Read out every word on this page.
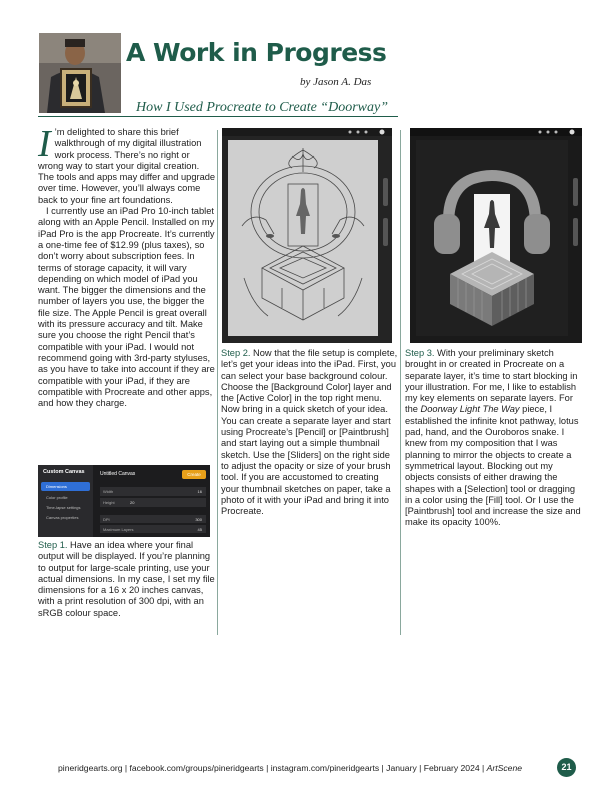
A Work in Progress
by Jason A. Das
How I Used Procreate to Create “Doorway”

I ’m delighted to share this brief walkthrough of my digital illustration work process. There’s no right or wrong way to start your digital creation. The tools and apps may differ and upgrade over time. However, you’ll always come back to your fine art foundations.

I currently use an iPad Pro 10-inch tablet along with an Apple Pencil. Installed on my iPad Pro is the app Procreate. It’s currently a one-time fee of $12.99 (plus taxes), so don’t worry about subscription fees. In terms of storage capacity, it will vary depending on which model of iPad you want. The bigger the dimensions and the number of layers you use, the bigger the file size. The Apple Pencil is great overall with its pressure accuracy and tilt. Make sure you choose the right Pencil that’s compatible with your iPad. I would not recommend going with 3rd-party styluses, as you have to take into account if they are compatible with your iPad, if they are compatible with Procreate and other apps, and how they charge.

Custom Canvas
Dimensions
Color profile
Time-lapse settings
Canvas properties
Untitled Canvas	Create
Width	16
Height	20
DPI	300
Maximum Layers	45

Step 1. Have an idea where your final output will be displayed. If you’re planning to output for large-scale printing, use your actual dimensions. In my case, I set my file dimensions for a 16 x 20 inches canvas, with a print resolution of 300 dpi, with an sRGB colour space.

Step 2. Now that the file setup is complete, let’s get your ideas into the iPad. First, you can select your base background colour. Choose the [Background Color] layer and the [Active Color] in the top right menu. Now bring in a quick sketch of your idea. You can create a separate layer and start using Procreate’s [Pencil] or [Paintbrush] and start laying out a simple thumbnail sketch. Use the [Sliders] on the right side to adjust the opacity or size of your brush tool. If you are accustomed to creating your thumbnail sketches on paper, take a photo of it with your iPad and bring it into Procreate.

Step 3. With your preliminary sketch brought in or created in Procreate on a separate layer, it’s time to start blocking in your illustration. For me, I like to establish my key elements on separate layers. For the Doorway Light The Way piece, I established the infinite knot pathway, lotus pad, hand, and the Ouroboros snake. I knew from my composition that I was planning to mirror the objects to create a symmetrical layout. Blocking out my objects consists of either drawing the shapes with a [Selection] tool or dragging in a color using the [Fill] tool. Or I use the [Paintbrush] tool and increase the size and make its opacity 100%.

pineridgearts.org | facebook.com/groups/pineridgearts | instagram.com/pineridgearts | January | February 2024 | ArtScene	21
